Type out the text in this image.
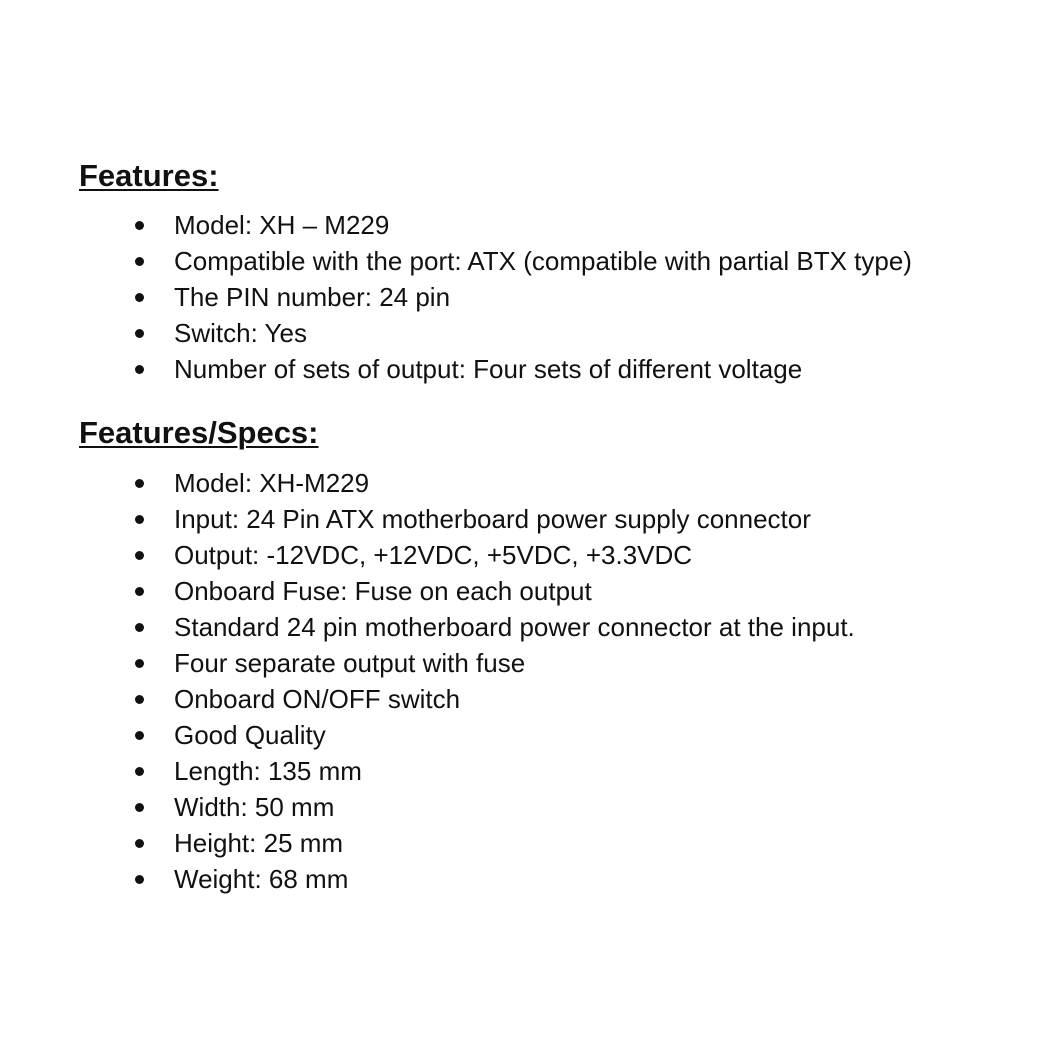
Features:
Model: XH – M229
Compatible with the port: ATX (compatible with partial BTX type)
The PIN number: 24 pin
Switch: Yes
Number of sets of output: Four sets of different voltage
Features/Specs:
Model: XH-M229
Input: 24 Pin ATX motherboard power supply connector
Output: -12VDC, +12VDC, +5VDC, +3.3VDC
Onboard Fuse: Fuse on each output
Standard 24 pin motherboard power connector at the input.
Four separate output with fuse
Onboard ON/OFF switch
Good Quality
Length: 135 mm
Width: 50 mm
Height: 25 mm
Weight: 68 mm
